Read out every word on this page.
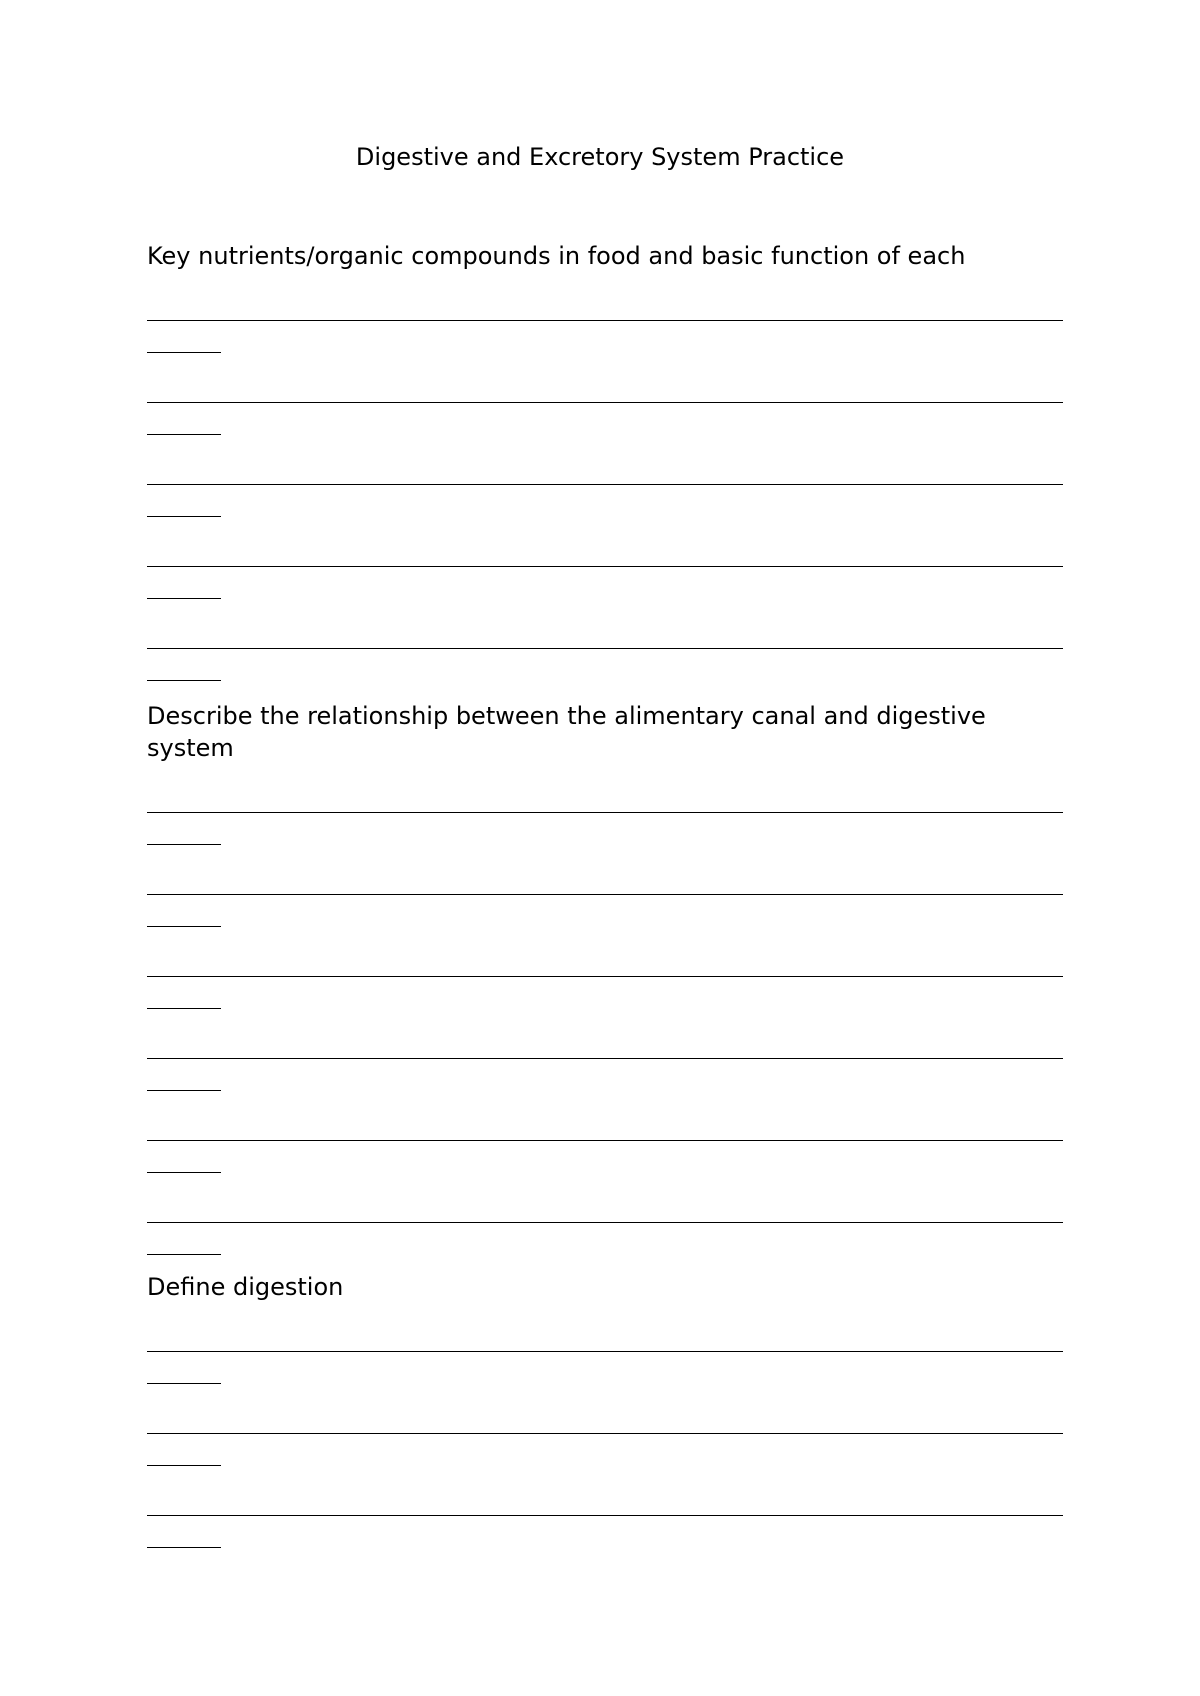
Digestive and Excretory System Practice

Key nutrients/organic compounds in food and basic function of each

Describe the relationship between the alimentary canal and digestive system

Define digestion
